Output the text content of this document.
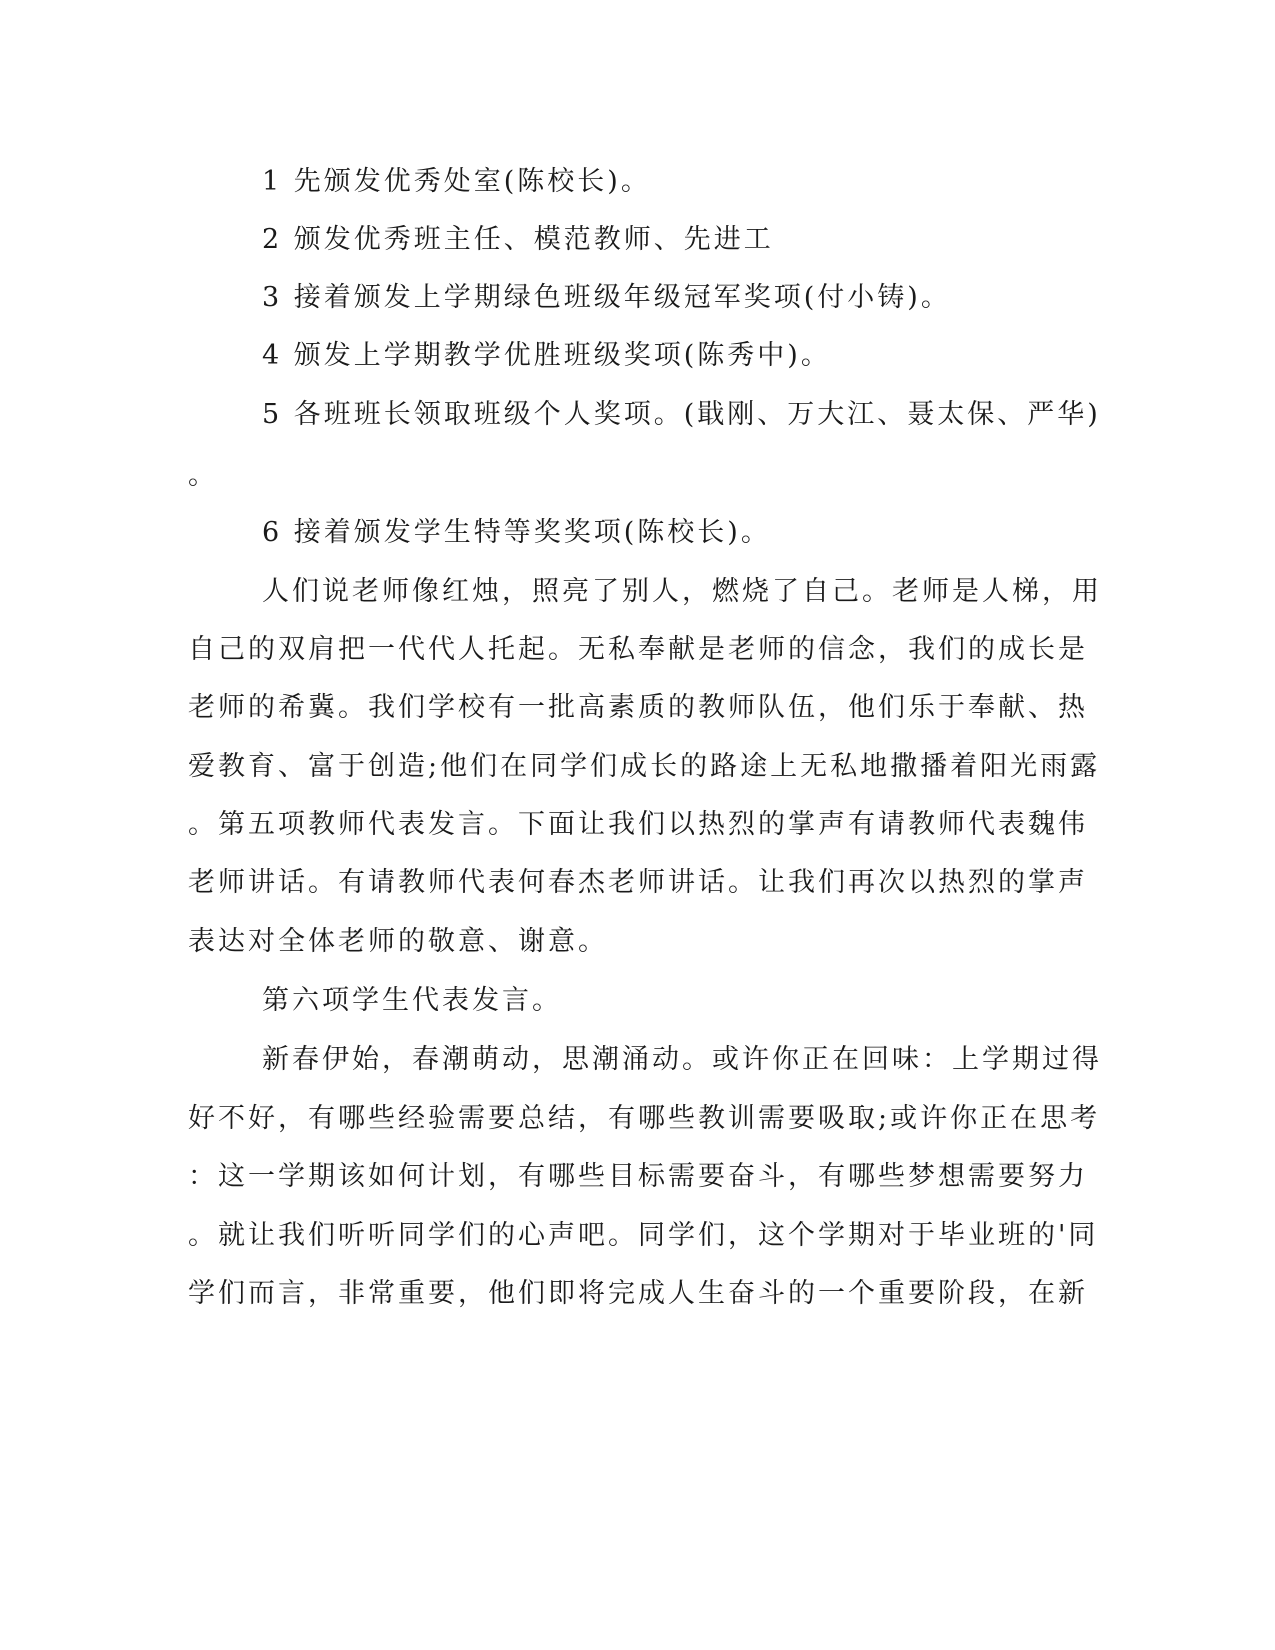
1 先颁发优秀处室(陈校长)。
2 颁发优秀班主任、模范教师、先进工
3 接着颁发上学期绿色班级年级冠军奖项(付小铸)。
4 颁发上学期教学优胜班级奖项(陈秀中)。
5 各班班长领取班级个人奖项。(戢刚、万大江、聂太保、严华)
。
6 接着颁发学生特等奖奖项(陈校长)。
人们说老师像红烛，照亮了别人，燃烧了自己。老师是人梯，用
自己的双肩把一代代人托起。无私奉献是老师的信念，我们的成长是
老师的希冀。我们学校有一批高素质的教师队伍，他们乐于奉献、热
爱教育、富于创造;他们在同学们成长的路途上无私地撒播着阳光雨露
。第五项教师代表发言。下面让我们以热烈的掌声有请教师代表魏伟
老师讲话。有请教师代表何春杰老师讲话。让我们再次以热烈的掌声
表达对全体老师的敬意、谢意。
第六项学生代表发言。
新春伊始，春潮萌动，思潮涌动。或许你正在回味：上学期过得
好不好，有哪些经验需要总结，有哪些教训需要吸取;或许你正在思考
：这一学期该如何计划，有哪些目标需要奋斗，有哪些梦想需要努力
。就让我们听听同学们的心声吧。同学们，这个学期对于毕业班的'同
学们而言，非常重要，他们即将完成人生奋斗的一个重要阶段，在新
